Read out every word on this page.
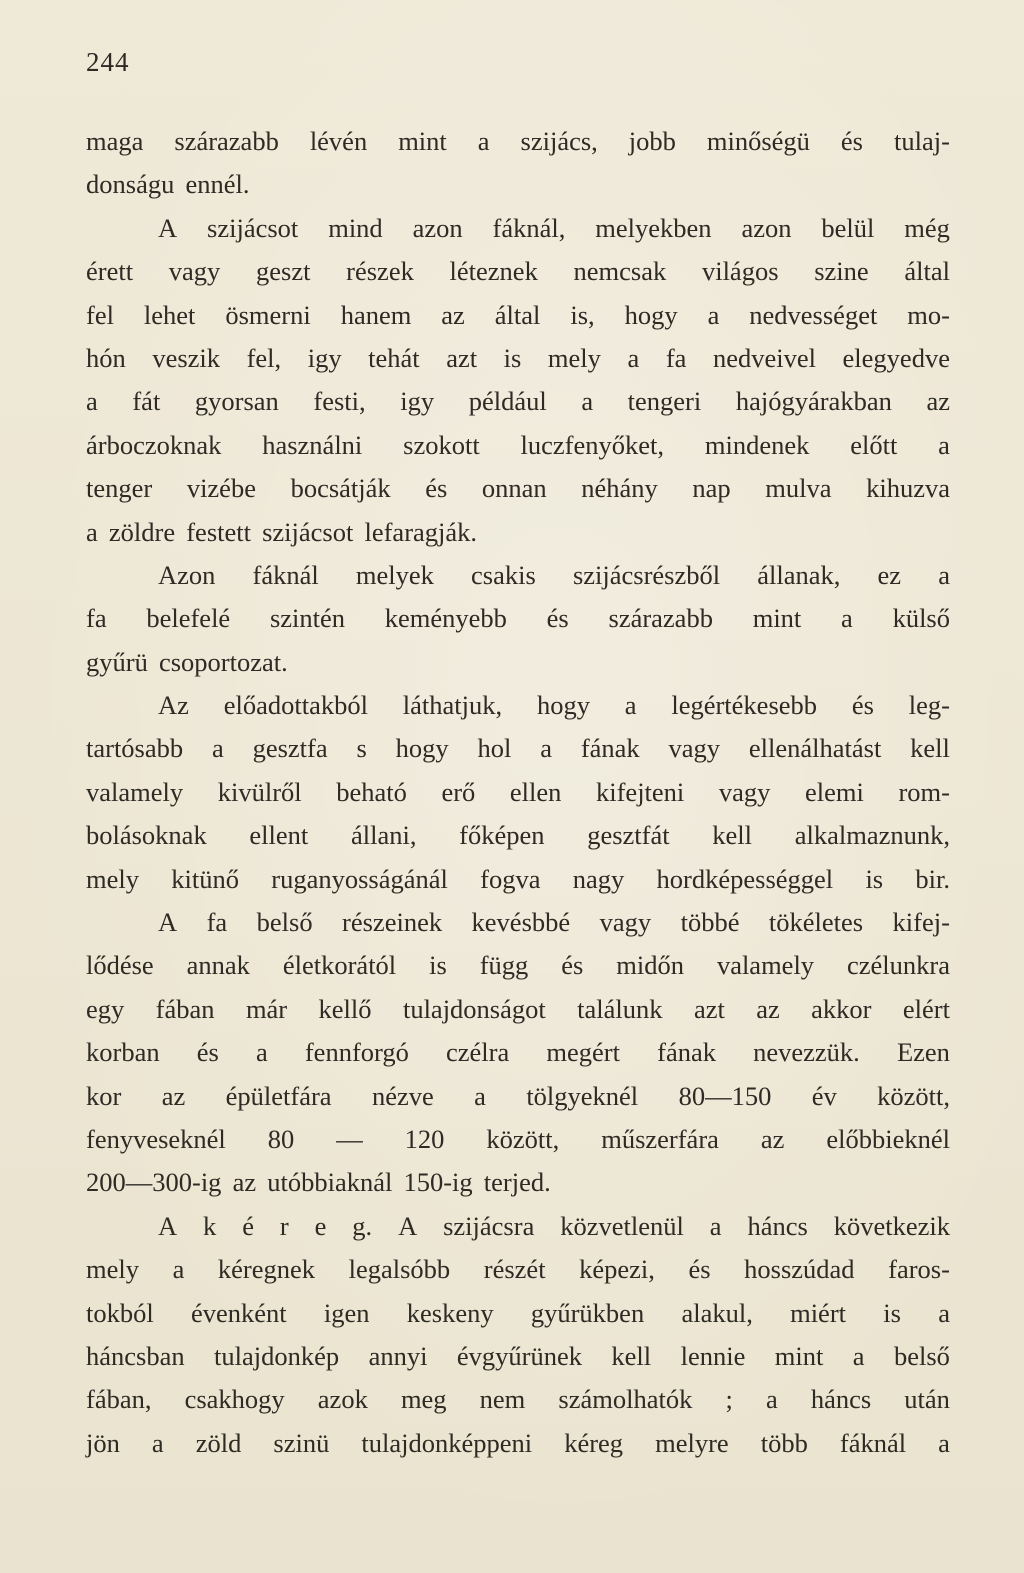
244
maga szárazabb lévén mint a szijács, jobb minőségü és tulaj-
donságu ennél.
A szijácsot mind azon fáknál, melyekben azon belül még
érett vagy geszt részek léteznek nemcsak világos szine által
fel lehet ösmerni hanem az által is, hogy a nedvességet mo-
hón veszik fel, igy tehát azt is mely a fa nedveivel elegyedve
a fát gyorsan festi, igy például a tengeri hajógyárakban az
árboczoknak használni szokott luczfenyőket, mindenek előtt a
tenger vizébe bocsátják és onnan néhány nap mulva kihuzva
a zöldre festett szijácsot lefaragják.
Azon fáknál melyek csakis szijácsrészből állanak, ez a
fa belefelé szintén keményebb és szárazabb mint a külső
gyűrü csoportozat.
Az előadottakból láthatjuk, hogy a legértékesebb és leg-
tartósabb a gesztfa s hogy hol a fának vagy ellenálhatást kell
valamely kivülről beható erő ellen kifejteni vagy elemi rom-
bolásoknak ellent állani, főképen gesztfát kell alkalmaznunk,
mely kitünő ruganyosságánál fogva nagy hordképességgel is bir.
A fa belső részeinek kevésbbé vagy többé tökéletes kifej-
lődése annak életkorától is függ és midőn valamely czélunkra
egy fában már kellő tulajdonságot találunk azt az akkor elért
korban és a fennforgó czélra megért fának nevezzük. Ezen
kor az épületfára nézve a tölgyeknél 80—150 év között,
fenyveseknél 80 — 120 között, műszerfára az előbbieknél
200—300-ig az utóbbiaknál 150-ig terjed.
A k é r e g. A szijácsra közvetlenül a háncs következik
mely a kéregnek legalsóbb részét képezi, és hosszúdad faros-
tokból évenként igen keskeny gyűrükben alakul, miért is a
háncsban tulajdonkép annyi évgyűrünek kell lennie mint a belső
fában, csakhogy azok meg nem számolhatók ; a háncs után
jön a zöld szinü tulajdonképpeni kéreg melyre több fáknál a
